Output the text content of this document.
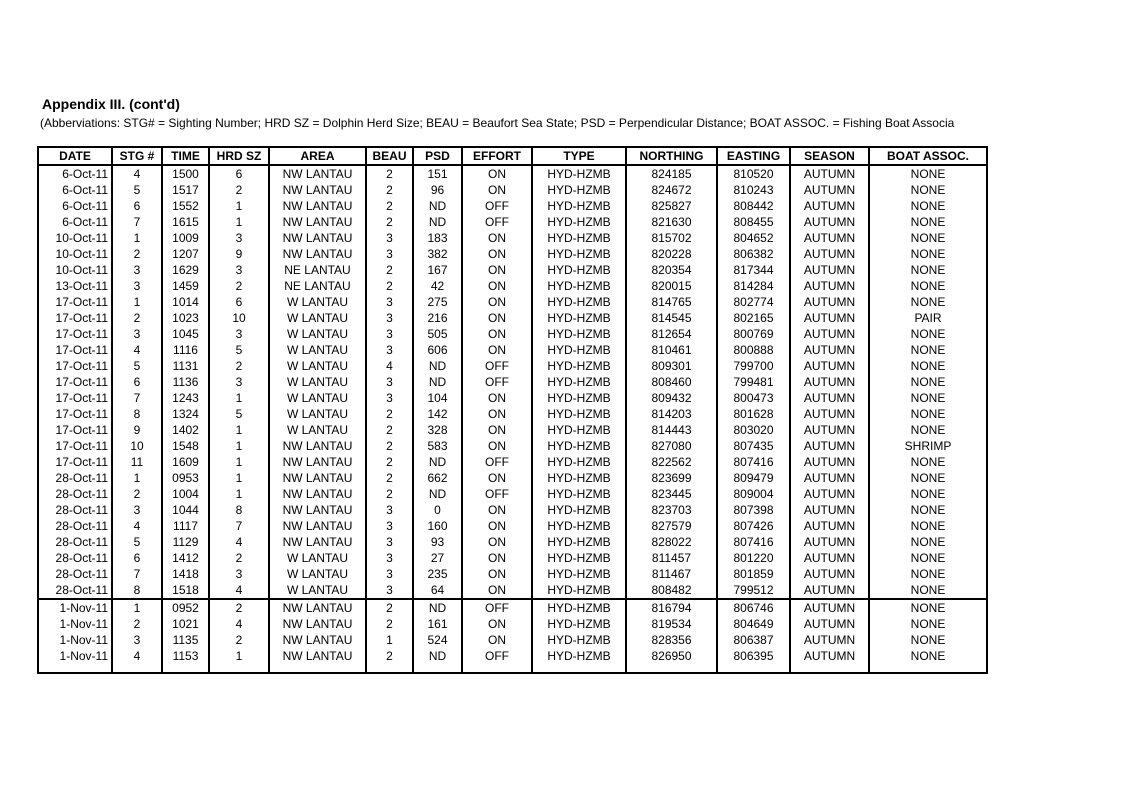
Appendix III. (cont'd)
(Abberviations: STG# = Sighting Number; HRD SZ = Dolphin Herd Size; BEAU = Beaufort Sea State; PSD = Perpendicular Distance; BOAT ASSOC. = Fishing Boat Associa
DATE	STG #	TIME	HRD SZ	AREA	BEAU	PSD	EFFORT	TYPE	NORTHING	EASTING	SEASON	BOAT ASSOC.
6-Oct-11	4	1500	6	NW LANTAU	2	151	ON	HYD-HZMB	824185	810520	AUTUMN	NONE
6-Oct-11	5	1517	2	NW LANTAU	2	96	ON	HYD-HZMB	824672	810243	AUTUMN	NONE
6-Oct-11	6	1552	1	NW LANTAU	2	ND	OFF	HYD-HZMB	825827	808442	AUTUMN	NONE
6-Oct-11	7	1615	1	NW LANTAU	2	ND	OFF	HYD-HZMB	821630	808455	AUTUMN	NONE
10-Oct-11	1	1009	3	NW LANTAU	3	183	ON	HYD-HZMB	815702	804652	AUTUMN	NONE
10-Oct-11	2	1207	9	NW LANTAU	3	382	ON	HYD-HZMB	820228	806382	AUTUMN	NONE
10-Oct-11	3	1629	3	NE LANTAU	2	167	ON	HYD-HZMB	820354	817344	AUTUMN	NONE
13-Oct-11	3	1459	2	NE LANTAU	2	42	ON	HYD-HZMB	820015	814284	AUTUMN	NONE
17-Oct-11	1	1014	6	W LANTAU	3	275	ON	HYD-HZMB	814765	802774	AUTUMN	NONE
17-Oct-11	2	1023	10	W LANTAU	3	216	ON	HYD-HZMB	814545	802165	AUTUMN	PAIR
17-Oct-11	3	1045	3	W LANTAU	3	505	ON	HYD-HZMB	812654	800769	AUTUMN	NONE
17-Oct-11	4	1116	5	W LANTAU	3	606	ON	HYD-HZMB	810461	800888	AUTUMN	NONE
17-Oct-11	5	1131	2	W LANTAU	4	ND	OFF	HYD-HZMB	809301	799700	AUTUMN	NONE
17-Oct-11	6	1136	3	W LANTAU	3	ND	OFF	HYD-HZMB	808460	799481	AUTUMN	NONE
17-Oct-11	7	1243	1	W LANTAU	3	104	ON	HYD-HZMB	809432	800473	AUTUMN	NONE
17-Oct-11	8	1324	5	W LANTAU	2	142	ON	HYD-HZMB	814203	801628	AUTUMN	NONE
17-Oct-11	9	1402	1	W LANTAU	2	328	ON	HYD-HZMB	814443	803020	AUTUMN	NONE
17-Oct-11	10	1548	1	NW LANTAU	2	583	ON	HYD-HZMB	827080	807435	AUTUMN	SHRIMP
17-Oct-11	11	1609	1	NW LANTAU	2	ND	OFF	HYD-HZMB	822562	807416	AUTUMN	NONE
28-Oct-11	1	0953	1	NW LANTAU	2	662	ON	HYD-HZMB	823699	809479	AUTUMN	NONE
28-Oct-11	2	1004	1	NW LANTAU	2	ND	OFF	HYD-HZMB	823445	809004	AUTUMN	NONE
28-Oct-11	3	1044	8	NW LANTAU	3	0	ON	HYD-HZMB	823703	807398	AUTUMN	NONE
28-Oct-11	4	1117	7	NW LANTAU	3	160	ON	HYD-HZMB	827579	807426	AUTUMN	NONE
28-Oct-11	5	1129	4	NW LANTAU	3	93	ON	HYD-HZMB	828022	807416	AUTUMN	NONE
28-Oct-11	6	1412	2	W LANTAU	3	27	ON	HYD-HZMB	811457	801220	AUTUMN	NONE
28-Oct-11	7	1418	3	W LANTAU	3	235	ON	HYD-HZMB	811467	801859	AUTUMN	NONE
28-Oct-11	8	1518	4	W LANTAU	3	64	ON	HYD-HZMB	808482	799512	AUTUMN	NONE
1-Nov-11	1	0952	2	NW LANTAU	2	ND	OFF	HYD-HZMB	816794	806746	AUTUMN	NONE
1-Nov-11	2	1021	4	NW LANTAU	2	161	ON	HYD-HZMB	819534	804649	AUTUMN	NONE
1-Nov-11	3	1135	2	NW LANTAU	1	524	ON	HYD-HZMB	828356	806387	AUTUMN	NONE
1-Nov-11	4	1153	1	NW LANTAU	2	ND	OFF	HYD-HZMB	826950	806395	AUTUMN	NONE
